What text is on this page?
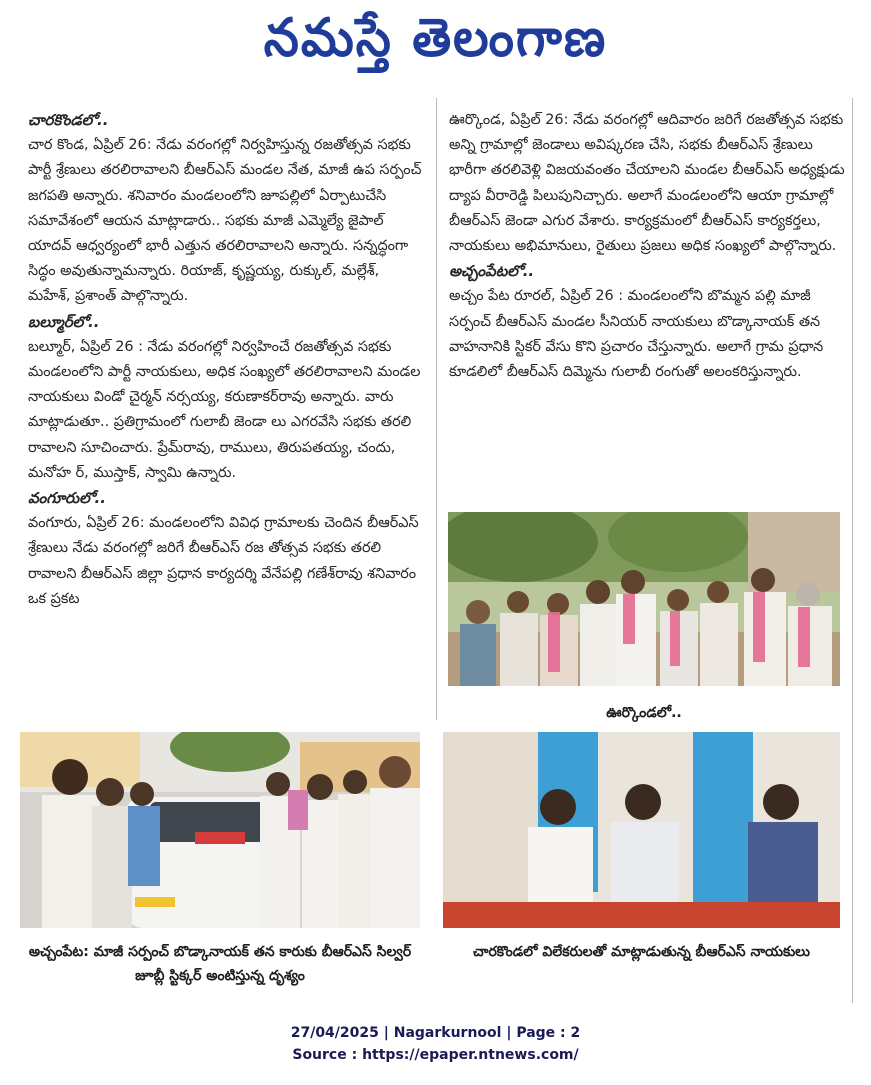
నమస్తే తెలంగాణ

చారకొండలో..

చార కొండ, ఏప్రిల్ 26: నేడు వరంగల్లో నిర్వహిస్తున్న రజతోత్సవ సభకు పార్టీ శ్రేణులు తరలిరావాలని బీఆర్ఎస్ మండల నేత, మాజీ ఉప సర్పంచ్ జగపతి అన్నారు. శనివారం మండలంలోని జూపల్లిలో ఏర్పాటుచేసి సమావేశంలో ఆయన మాట్లాడారు.. సభకు మాజీ ఎమ్మెల్యే జైపాల్ యాదవ్ ఆధ్వర్యంలో భారీ ఎత్తున తరలిరావాలని అన్నారు. సన్నద్ధంగా సిద్ధం అవుతున్నామన్నారు. రియాజ్, కృష్ణయ్య, రుక్కుల్, మల్లేశ్, మహేశ్, ప్రశాంత్ పాల్గొన్నారు.

బల్మూర్‌లో..

బల్మూర్, ఏప్రిల్ 26 : నేడు వరంగల్లో నిర్వహించే రజతోత్సవ సభకు మండలంలోని పార్టీ నాయకులు, అధిక సంఖ్యలో తరలిరావాలని మండల నాయకులు విండో చైర్మన్ నర్సయ్య, కరుణాకర్‌రావు అన్నారు. వారు మాట్లాడుతూ.. ప్రతిగ్రామంలో గులాబీ జెండా లు ఎగరవేసి సభకు తరలి రావాలని సూచించారు. ప్రేమ్‌రావు, రాములు, తిరుపతయ్య, చందు, మనోహ ర్, ముస్తాక్, స్వామి ఉన్నారు.

వంగూరులో..

వంగూరు, ఏప్రిల్ 26: మండలంలోని వివిధ గ్రామాలకు చెందిన బీఆర్ఎస్ శ్రేణులు నేడు వరంగల్లో జరిగే బీఆర్ఎస్ రజ తోత్సవ సభకు తరలి రావాలని బీఆర్ఎస్ జిల్లా ప్రధాన కార్యదర్శి వేనేపల్లి గణేశ్‌రావు శనివారం ఒక ప్రకట

ఊర్కొండ, ఏప్రిల్ 26: నేడు వరంగల్లో ఆదివారం జరిగే రజతోత్సవ సభకు అన్ని గ్రామాల్లో జెండాలు అవిష్కరణ చేసి, సభకు బీఆర్ఎస్ శ్రేణులు భారీగా తరలివెళ్లి విజయవంతం చేయాలని మండల బీఆర్ఎస్ అధ్యక్షుడు ద్యాప వీరారెడ్డి పిలుపునిచ్చారు. అలాగే మండలంలోని ఆయా గ్రామాల్లో బీఆర్ఎస్ జెండా ఎగుర వేశారు. కార్యక్రమంలో బీఆర్ఎస్ కార్యకర్తలు, నాయకులు అభిమానులు, రైతులు ప్రజలు అధిక సంఖ్యలో పాల్గొన్నారు.

అచ్చంపేటలో..

అచ్చం పేట రూరల్, ఏప్రిల్ 26 : మండలంలోని బొమ్మన పల్లి మాజీ సర్పంచ్ బీఆర్ఎస్ మండల సీనియర్ నాయకులు బొడ్కానాయక్ తన వాహనానికి స్టికర్ వేసు కొని ప్రచారం చేస్తున్నారు. అలాగే గ్రామ ప్రధాన కూడలిలో బీఆర్ఎస్ దిమ్మెను గులాబీ రంగుతో అలంకరిస్తున్నారు.

ఊర్కొండలో..
అచ్చంపేట: మాజీ సర్పంచ్ బొడ్కానాయక్ తన కారుకు బీఆర్ఎస్ సిల్వర్ జూబ్లీ స్టిక్కర్ అంటిస్తున్న దృశ్యం
చారకొండలో విలేకరులతో మాట్లాడుతున్న బీఆర్ఎస్ నాయకులు
27/04/2025 | Nagarkurnool | Page : 2
Source : https://epaper.ntnews.com/
